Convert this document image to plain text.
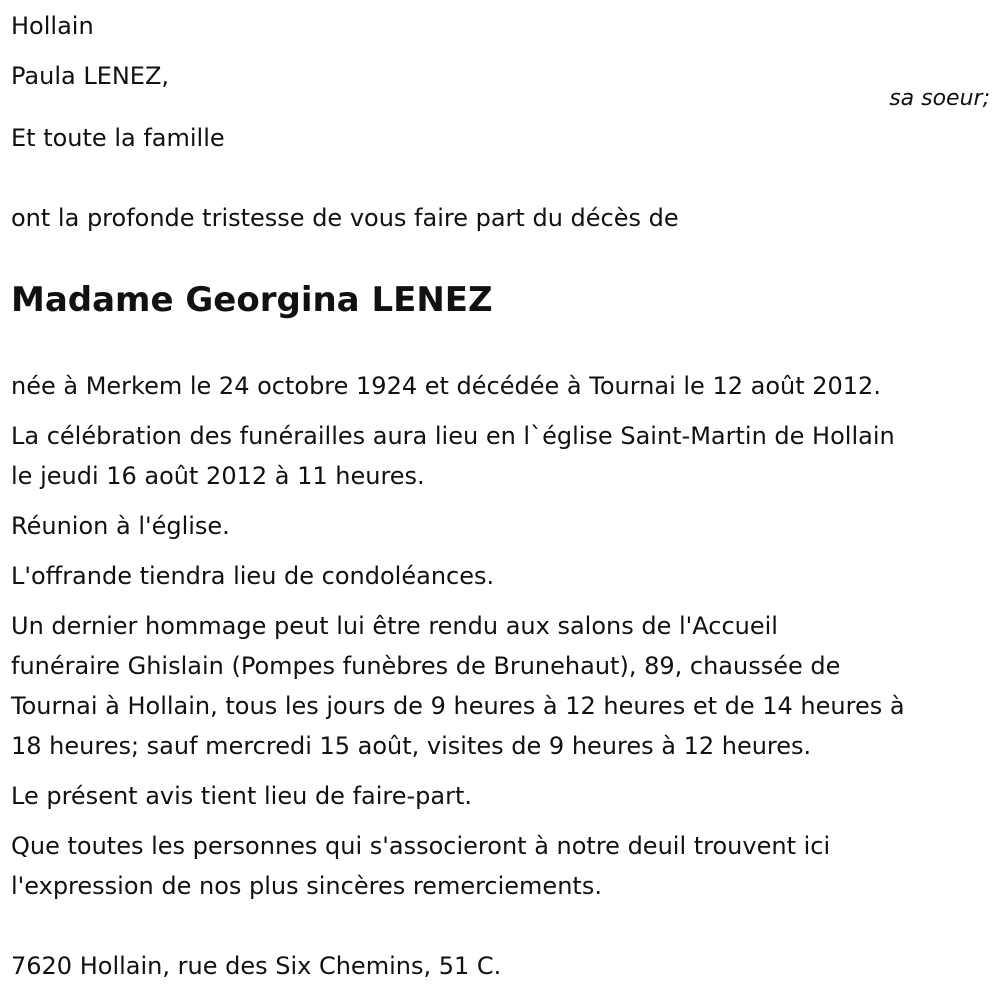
Hollain

Paula LENEZ,

sa soeur;

Et toute la famille

ont la profonde tristesse de vous faire part du décès de

Madame Georgina LENEZ

née à Merkem le 24 octobre 1924 et décédée à Tournai le 12 août 2012.

La célébration des funérailles aura lieu en l`église Saint-Martin de Hollain

le jeudi 16 août 2012 à 11 heures.

Réunion à l'église.

L'offrande tiendra lieu de condoléances.

Un dernier hommage peut lui être rendu aux salons de l'Accueil

funéraire Ghislain (Pompes funèbres de Brunehaut), 89, chaussée de

Tournai à Hollain, tous les jours de 9 heures à 12 heures et de 14 heures à

18 heures; sauf mercredi 15 août, visites de 9 heures à 12 heures.

Le présent avis tient lieu de faire-part.

Que toutes les personnes qui s'associeront à notre deuil trouvent ici

l'expression de nos plus sincères remerciements.

7620 Hollain, rue des Six Chemins, 51 C.
